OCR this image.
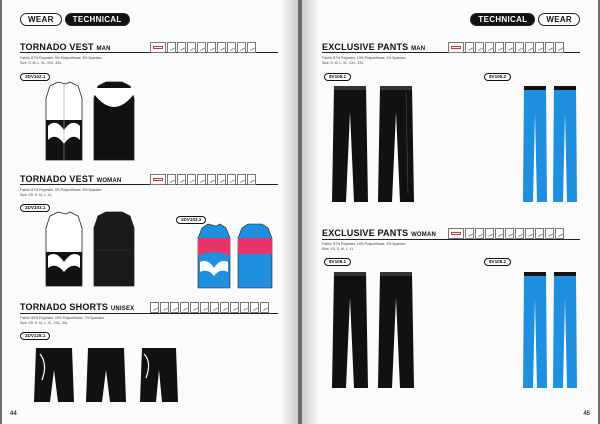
WEAR	TECHNICAL
TORNADO VEST MAN
Fabric: 87% Polyester, 5% Polyurethane, 8% Spandex
Size: S, M, L, XL, XXL, 3XL
2DV102.1
TORNADO VEST WOMAN
Fabric: 87% Polyester, 5% Polyurethane, 8% Spandex
Size: XS, S, M, L, XL
2DV103.1
2DV103.2
TORNADO SHORTS UNISEX
Fabric: 80% Polyester, 20% Polyurethane, 7% Spandex
Size: XS, S, M, L, XL, XXL, 3XL
2DV128.1
44
TECHNICAL	WEAR
EXCLUSIVE PANTS MAN
Fabric: 87% Polyester, 10% Polyurethane, 3% Spandex
Size: S, M, L, XL, XXL, 3XL
8V105.1	8V105.2
EXCLUSIVE PANTS WOMAN
Fabric: 87% Polyester, 10% Polyurethane, 3% Spandex
Size: XS, S, M, L, XL
8V106.1	8V106.2
45
